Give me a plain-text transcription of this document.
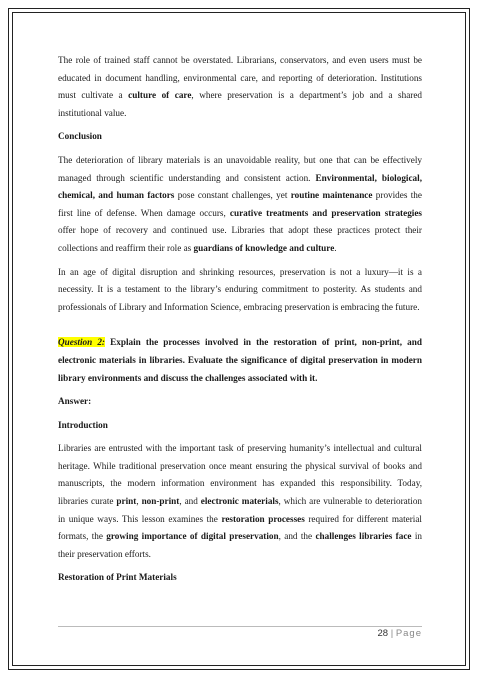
The role of trained staff cannot be overstated. Librarians, conservators, and even users must be educated in document handling, environmental care, and reporting of deterioration. Institutions must cultivate a culture of care, where preservation is a department’s job and a shared institutional value.

Conclusion

The deterioration of library materials is an unavoidable reality, but one that can be effectively managed through scientific understanding and consistent action. Environmental, biological, chemical, and human factors pose constant challenges, yet routine maintenance provides the first line of defense. When damage occurs, curative treatments and preservation strategies offer hope of recovery and continued use. Libraries that adopt these practices protect their collections and reaffirm their role as guardians of knowledge and culture.

In an age of digital disruption and shrinking resources, preservation is not a luxury—it is a necessity. It is a testament to the library’s enduring commitment to posterity. As students and professionals of Library and Information Science, embracing preservation is embracing the future.

Question 2: Explain the processes involved in the restoration of print, non-print, and electronic materials in libraries. Evaluate the significance of digital preservation in modern library environments and discuss the challenges associated with it.

Answer:
Introduction

Libraries are entrusted with the important task of preserving humanity’s intellectual and cultural heritage. While traditional preservation once meant ensuring the physical survival of books and manuscripts, the modern information environment has expanded this responsibility. Today, libraries curate print, non-print, and electronic materials, which are vulnerable to deterioration in unique ways. This lesson examines the restoration processes required for different material formats, the growing importance of digital preservation, and the challenges libraries face in their preservation efforts.

Restoration of Print Materials
28 | Page
